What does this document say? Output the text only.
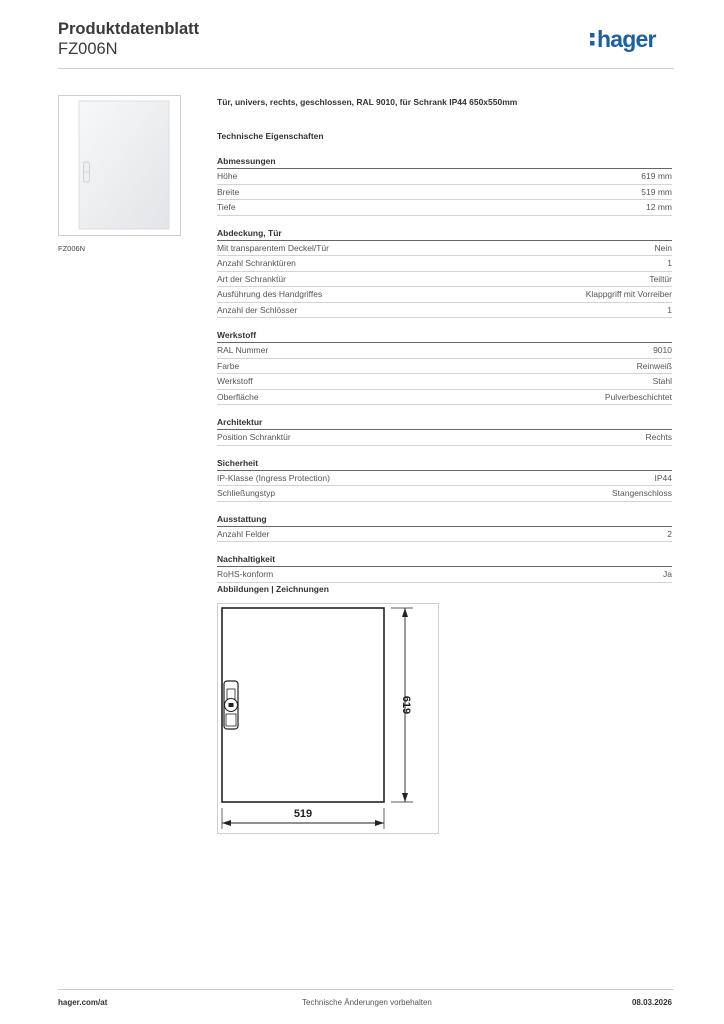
Produktdatenblatt
FZ006N	hager
FZ006N
Tür, univers, rechts, geschlossen, RAL 9010, für Schrank IP44 650x550mm
Technische Eigenschaften
Abmessungen
Höhe	619 mm
Breite	519 mm
Tiefe	12 mm
Abdeckung, Tür
Mit transparentem Deckel/Tür	Nein
Anzahl Schranktüren	1
Art der Schranktür	Teiltür
Ausführung des Handgriffes	Klappgriff mit Vorreiber
Anzahl der Schlösser	1
Werkstoff
RAL Nummer	9010
Farbe	Reinweiß
Werkstoff	Stahl
Oberfläche	Pulverbeschichtet
Architektur
Position Schranktür	Rechts
Sicherheit
IP-Klasse (Ingress Protection)	IP44
Schließungstyp	Stangenschloss
Ausstattung
Anzahl Felder	2
Nachhaltigkeit
RoHS-konform	Ja
Abbildungen | Zeichnungen
619
519
hager.com/at	Technische Änderungen vorbehalten	08.03.2026
